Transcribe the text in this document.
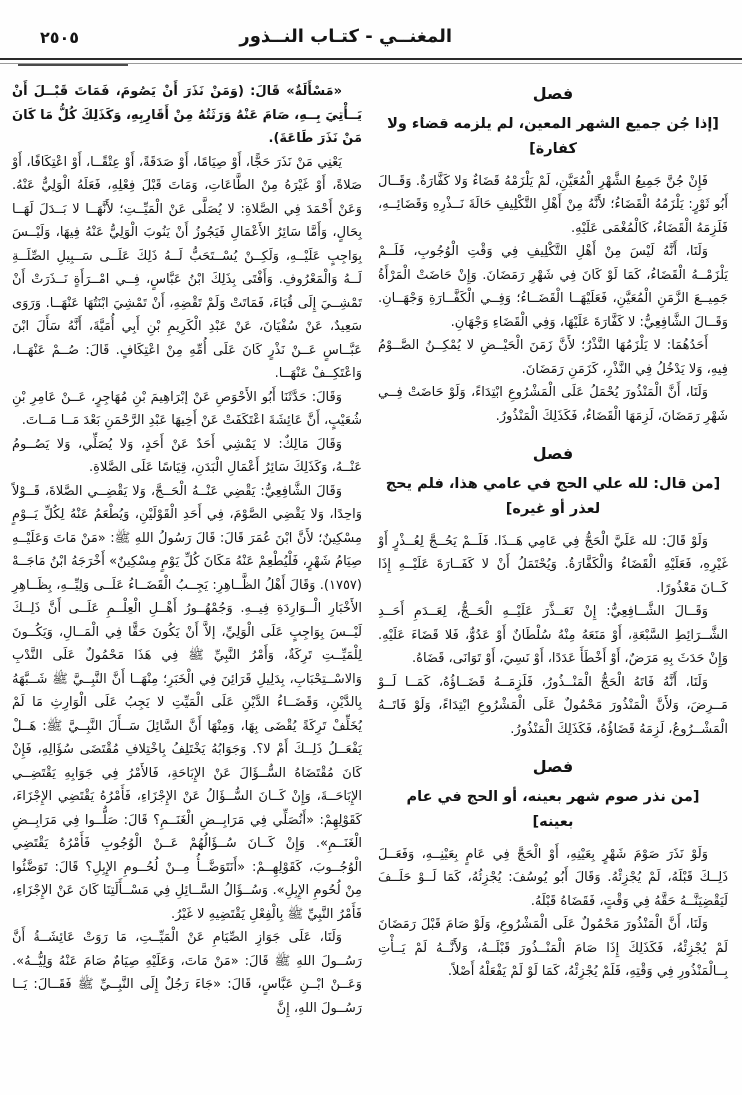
المغنــي - كتـاب النــذور
٢٥٠٥

«مَسْأَلَةٌ» قَالَ: (وَمَنْ نَذَرَ أَنْ يَصُومَ، فَمَاتَ قَبْــلَ أَنْ يَــأْتِيَ بِــهِ، صَامَ عَنْهُ وَرَثَتُهُ مِنْ أَقَارِبِهِ، وَكَذَلِكَ كُلُّ مَا كَانَ مَنْ نَذَرَ طَاعَةَ).

يَعْنِي مَنْ نَذَرَ حَجًّا، أَوْ صِيَامًا، أَوْ صَدَقَةً، أَوْ عِتْقًــا، أَوْ اعْتِكَافًا، أَوْ صَلاةً، أَوْ غَيْرَهُ مِنْ الطَّاعَاتِ، وَمَاتَ قَبْلَ فِعْلِهِ، فَعَلَهُ الْوَلِيُّ عَنْهُ. وَعَنْ أَحْمَدَ فِي الصَّلاةِ: لا يُصَلَّى عَنْ الْمَيِّــتِ؛ لأَنَّهَــا لا بَــدَلَ لَهَــا بِحَالٍ، وَأَمَّا سَائِرُ الأَعْمَالِ فَيَجُوزُ أَنْ يَنُوبَ الْوَلِيُّ عَنْهُ فِيهَا، وَلَيْــسَ بِوَاجِبٍ عَلَيْــهِ، وَلَكِــنْ يُسْــتَحَبُّ لَــهُ ذَلِكَ عَلَــى سَــبِيلِ الصِّلَــةِ لَــهُ وَالْمَعْرُوفِ. وَأَفْتَى بِذَلِكَ ابْنُ عَبَّاسٍ، فِــي امْــرَأَةٍ نَــذَرَتْ أَنْ تَمْشِــيَ إِلَى قُبَاءَ، فَمَاتَتْ وَلَمْ تَقْضِهِ، أَنْ تَمْشِيَ ابْنَتُهَا عَنْهَــا. وَرَوَى سَعِيدٌ، عَنْ سُفْيَانَ، عَنْ عَبْدِ الْكَرِيمِ بْنِ أَبِي أُمَيَّةَ، أَنَّهُ سَأَلَ ابْنَ عَبَّــاسٍ عَــنْ نَذْرٍ كَانَ عَلَى أُمِّهِ مِنْ اعْتِكَافٍ. قَالَ: صُــمْ عَنْهَــا، وَاعْتَكِــفْ عَنْهَــا.

وَقَالَ: حَدَّثَنَا أَبُو الأَحْوَصِ عَنْ إبْرَاهِيمَ بْنِ مُهَاجِرٍ، عَــنْ عَامِرِ بْنِ شُعَيْبٍ، أَنَّ عَائِشَةَ اعْتَكَفَتْ عَنْ أَخِيهَا عَبْدِ الرَّحْمَنِ بَعْدَ مَــا مَــاتَ.

وَقَالَ مَالِكٌ: لا يَمْشِي أَحَدٌ عَنْ أَحَدٍ، وَلا يُصَلِّي، وَلا يَصُــومُ عَنْــهُ، وَكَذَلِكَ سَائِرُ أَعْمَالِ الْبَدَنِ، قِيَاسًا عَلَى الصَّلاةِ.

وَقَالَ الشَّافِعِيُّ: يَقْضِي عَنْــهُ الْحَــجَّ، وَلا يَقْضِــي الصَّلاةَ، قَــوْلاً وَاحِدًا، وَلا يَقْضِي الصَّوْمَ، فِي أَحَدِ الْقَوْلَيْنِ، وَيُطْعَمُ عَنْهُ لِكُلِّ يَــوْمٍ مِسْكِينٌ؛ لأَنَّ ابْنَ عُمَرَ قَالَ: قَالَ رَسُولُ اللهِ ﷺ: «مَنْ مَاتَ وَعَلَيْــهِ صِيَامُ شَهْرٍ، فَلْيُطْعِمْ عَنْهُ مَكَانَ كُلِّ يَوْمٍ مِسْكِينٌ» أَخْرَجَهُ ابْنُ مَاجَــهْ (١٧٥٧). وَقَالَ أَهْلُ الظَّــاهِرِ: يَجِــبُ الْقَضَــاءُ عَلَــى وَلِيِّــهِ، بِظَــاهِرِ الأَخْبَارِ الْــوَارِدَةِ فِيــهِ. وَجُمْهُــورُ أَهْــلِ الْعِلْــمِ عَلَــى أَنَّ ذَلِــكَ لَيْــسَ بِوَاجِبٍ عَلَى الْوَلِيِّ، إلاَّ أَنْ يَكُونَ حَقًّا فِي الْمَــالِ، وَيَكُــونَ لِلْمَيِّــتِ تَرِكَةٌ، وَأَمْرُ النَّبِيِّ ﷺ فِي هَذَا مَحْمُولٌ عَلَى النَّدْبِ وَالاسْــتِحْبَابِ، بِدَلِيلِ قَرَائِنَ فِي الْخَبَرِ؛ مِنْهَــا أَنَّ النَّبِــيَّ ﷺ شَــبَّهَهُ بِالدَّيْنِ، وَقَضَــاءُ الدَّيْنِ عَلَى الْمَيِّتِ لا يَجِبُ عَلَى الْوَارِثِ مَا لَمْ يُخَلِّفْ تَرِكَةً يُقْضَى بِهَا، وَمِنْهَا أَنَّ السَّائِلَ سَــأَلَ النَّبِــيَّ ﷺ: هَــلْ يَفْعَــلُ ذَلِــكَ أَمْ لا؟. وَجَوَابُهُ يَخْتَلِفُ بِاخْتِلافِ مُقْتَضَى سُؤَالِهِ، فَإِنْ كَانَ مُقْتَضَاهُ السُّــؤَالَ عَنْ الإِبَاحَةِ، فَالأَمْرُ فِي جَوَابِهِ يَقْتَضِــي الإِبَاحَــةَ، وَإِنْ كَــانَ السُّــؤَالُ عَنْ الإِجْزَاءِ، فَأَمْرُهُ يَقْتَضِي الإِجْزَاءَ، كَقَوْلِهِمْ: «أَنُصَلِّي فِي مَرَابِــضِ الْغَنَــمِ؟ قَالَ: صَلُّــوا فِي مَرَابِــضِ الْغَنَــمِ». وَإِنْ كَــانَ سُــؤَالُهُمْ عَــنْ الْوُجُوبِ فَأَمْرُهُ يَقْتَضِي الْوُجُــوبَ، كَقَوْلِهِــمْ: «أَنَتَوَضَّــأُ مِــنْ لُحُــومِ الإِبِلِ؟ قَالَ: تَوَضَّئُوا مِنْ لُحُومِ الإِبِلِ». وَسُــؤَالُ السَّــائِلِ فِي مَسْــأَلَتِنَا كَانَ عَنْ الإِجْزَاءِ، فَأَمْرُ النَّبِيِّ ﷺ بِالْفِعْلِ يَقْتَضِيهِ لا غَيْرُ.

وَلَنَا، عَلَى جَوَازِ الصِّيَامِ عَنْ الْمَيِّــتِ، مَا رَوَتْ عَائِشَــةُ أَنَّ رَسُــولَ اللهِ ﷺ قَالَ: «مَنْ مَاتَ، وَعَلَيْهِ صِيَامٌ صَامَ عَنْهُ وَلِيُّــهُ». وَعَــنْ ابْــنِ عَبَّاسٍ، قَالَ: «جَاءَ رَجُلٌ إِلَى النَّبِــيِّ ﷺ فَقَــالَ: يَــا رَسُــولَ اللهِ، إِنَّ

فصل
[إذا جُن جميع الشهر المعين، لم يلزمه قضاء ولا كفارة]

فَإِنْ جُنَّ جَمِيعُ الشَّهْرِ الْمُعَيَّنِ، لَمْ يَلْزَمْهُ قَضَاءٌ وَلا كَفَّارَةٌ. وَقَــالَ أَبُو ثَوْرٍ: يَلْزَمُهُ الْقَضَاءُ؛ لأَنَّهُ مِنْ أَهْلِ التَّكْلِيفِ حَالَةَ نَــذْرِهِ وَقَضَائِــهِ، فَلَزِمَهُ الْقَضَاءُ، كَالْمُغْمَى عَلَيْهِ.

وَلَنَا، أَنَّهُ لَيْسَ مِنْ أَهْلِ التَّكْلِيفِ فِي وَقْتِ الْوُجُوبِ، فَلَــمْ يَلْزَمْــهُ الْقَضَاءُ، كَمَا لَوْ كَانَ فِي شَهْرِ رَمَضَانَ. وَإِنْ حَاضَتْ الْمَرْأَةُ جَمِيــعَ الزَّمَنِ الْمُعَيَّنِ، فَعَلَيْهَــا الْقَضَــاءُ؛ وَفِــي الْكَفَّــارَةِ وَجْهَــانِ. وَقَــالَ الشَّافِعِيُّ: لا كَفَّارَةَ عَلَيْهَا، وَفِي الْقَضَاءِ وَجْهَانِ.

أَحَدُهُمَا: لا يَلْزَمُهَا النَّذْرُ؛ لأَنَّ زَمَنَ الْحَيْــضِ لا يُمْكِــنُ الصَّــوْمُ فِيهِ، وَلا يَدْخُلُ فِي النَّذْرِ، كَزَمَنِ رَمَضَانَ.

وَلَنَا، أَنَّ الْمَنْذُورَ يُحْمَلُ عَلَى الْمَشْرُوعِ ابْتِدَاءً، وَلَوْ حَاضَتْ فِــي شَهْرِ رَمَضَانَ، لَزِمَهَا الْقَضَاءُ، فَكَذَلِكَ الْمَنْذُورُ.

فصل
[من قال: لله علي الحج في عامي هذا، فلم يحج لعذر أو غيره]

وَلَوْ قَالَ: لله عَلَيَّ الْحَجُّ فِي عَامِي هَــذَا. فَلَــمْ يَحُــجَّ لِعُــذْرٍ أَوْ غَيْرِهِ، فَعَلَيْهِ الْقَضَاءُ وَالْكَفَّارَةُ. وَيُحْتَمَلُ أَنْ لا كَفَــارَةَ عَلَيْــهِ إِذَا كَــانَ مَعْذُورًا.

وَقَــالَ الشَّــافِعِيُّ: إِنْ تَعَــذَّرَ عَلَيْــهِ الْحَــجُّ، لِعَــدَمِ أَحَــدِ الشَّــرَائِطِ السَّبْعَةِ، أَوْ مَنَعَهُ مِنْهُ سُلْطَانٌ أَوْ عَدُوٌّ، فَلا قَضَاءَ عَلَيْهِ. وَإِنْ حَدَثَ بِهِ مَرَضٌ، أَوْ أَخْطَأَ عَدَدًا، أَوْ نَسِيَ، أَوْ تَوَانَى، قَضَاهُ.

وَلَنَا، أَنَّهُ فَاتَهُ الْحَجُّ الْمَنْــذُورُ، فَلَزِمَــهُ قَضَــاؤُهُ، كَمَــا لَــوْ مَــرِضَ، وَلأَنَّ الْمَنْذُورَ مَحْمُولٌ عَلَى الْمَشْرُوعِ ابْتِدَاءً، وَلَوْ فَاتَــهُ الْمَشْــرُوعُ، لَزِمَهُ قَضَاؤُهُ، فَكَذَلِكَ الْمَنْذُورُ.

فصل
[من نذر صوم شهر بعينه، أو الحج في عام بعينه]

وَلَوْ نَذَرَ صَوْمَ شَهْرٍ بِعَيْنِهِ، أَوْ الْحَجَّ فِي عَامٍ بِعَيْنِــهِ، وَفَعَــلَ ذَلِــكَ قَبْلَهُ، لَمْ يُجْزِئْهُ. وَقَالَ أَبُو يُوسُفَ: يُجْزِئُهُ، كَمَا لَــوْ حَلَــفَ لَيَقْضِيَنَّــهُ حَقَّهُ فِي وَقْتٍ، فَقَضَاهُ قَبْلَهُ.

وَلَنَا، أَنَّ الْمَنْذُورَ مَحْمُولٌ عَلَى الْمَشْرُوعِ، وَلَوْ صَامَ قَبْلَ رَمَضَانَ لَمْ يُجْزِئْهُ، فَكَذَلِكَ إِذَا صَامَ الْمَنْــذُورَ قَبْلَــهُ، وَلأَنَّــهُ لَمْ يَــأْتِ بِــالْمَنْذُورِ فِي وَقْتِهِ، فَلَمْ يُجْزِئْهُ، كَمَا لَوْ لَمْ يَفْعَلْهُ أَصْلاً.
